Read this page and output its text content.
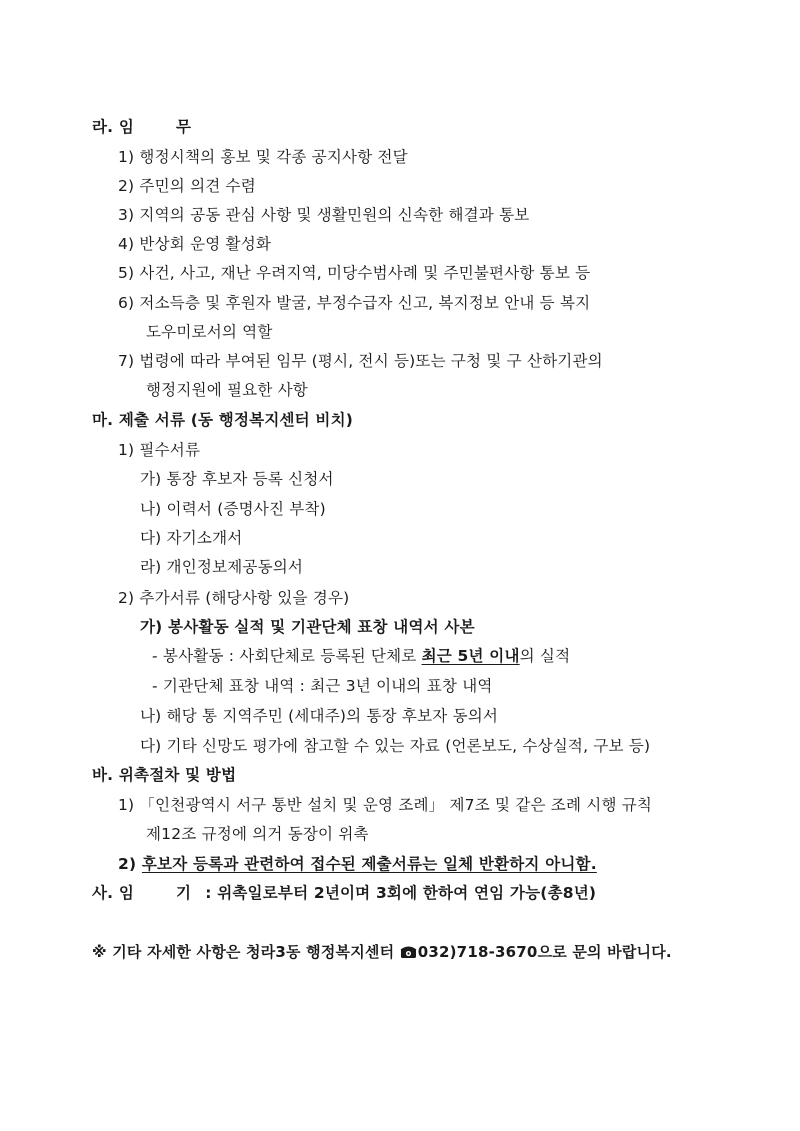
라. 임	무
1) 행정시책의 홍보 및 각종 공지사항 전달
2) 주민의 의견 수렴
3) 지역의 공동 관심 사항 및 생활민원의 신속한 해결과 통보
4) 반상회 운영 활성화
5) 사건, 사고, 재난 우려지역, 미당수범사례 및 주민불편사항 통보 등
6) 저소득층 및 후원자 발굴, 부정수급자 신고, 복지정보 안내 등 복지
도우미로서의 역할
7) 법령에 따라 부여된 임무 (평시, 전시 등)또는 구청 및 구 산하기관의
행정지원에 필요한 사항
마. 제출 서류 (동 행정복지센터 비치)
1) 필수서류
가) 통장 후보자 등록 신청서
나) 이력서 (증명사진 부착)
다) 자기소개서
라) 개인정보제공동의서
2) 추가서류 (해당사항 있을 경우)
가) 봉사활동 실적 및 기관단체 표창 내역서 사본
- 봉사활동 : 사회단체로 등록된 단체로 최근 5년 이내의 실적
- 기관단체 표창 내역 : 최근 3년 이내의 표창 내역
나) 해당 통 지역주민 (세대주)의 통장 후보자 동의서
다) 기타 신망도 평가에 참고할 수 있는 자료 (언론보도, 수상실적, 구보 등)
바. 위촉절차 및 방법
1) 「인천광역시 서구 통반 설치 및 운영 조례」 제7조 및 같은 조례 시행 규칙
제12조 규정에 의거 동장이 위촉
2) 후보자 등록과 관련하여 접수된 제출서류는 일체 반환하지 아니함.
사. 임	기 : 위촉일로부터 2년이며 3회에 한하여 연임 가능(총8년)
※ 기타 자세한 사항은 청라3동 행정복지센터 032)718-3670으로 문의 바랍니다.
